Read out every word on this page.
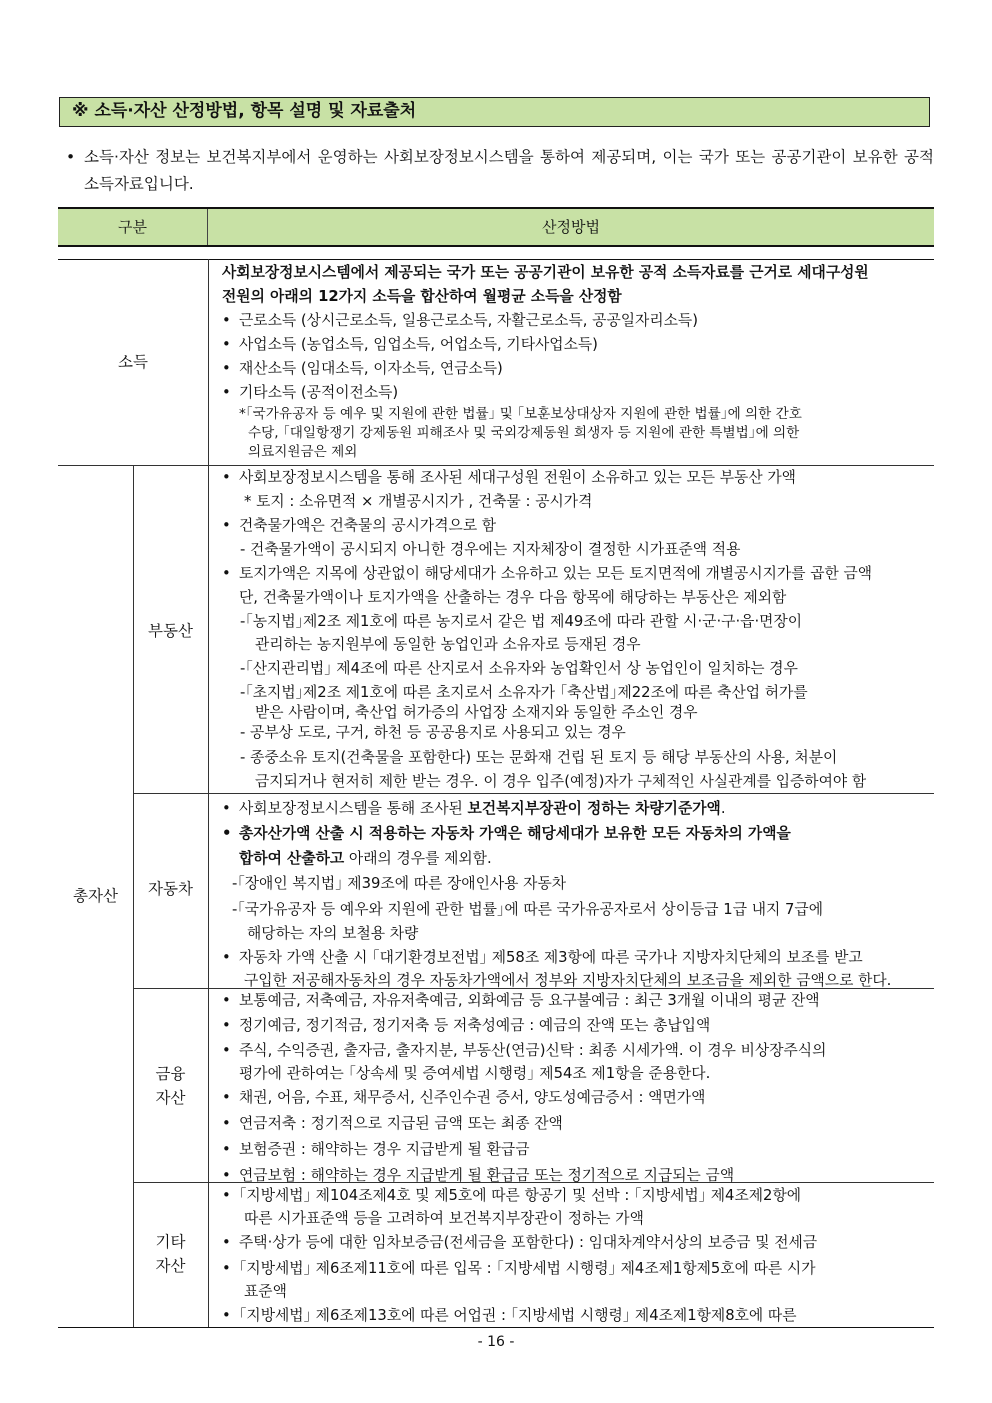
※ 소득·자산 산정방법, 항목 설명 및 자료출처
• 소득·자산 정보는 보건복지부에서 운영하는 사회보장정보시스템을 통하여 제공되며, 이는 국가 또는 공공기관이 보유한 공적 소득자료입니다.
구분	산정방법
소득
총자산
부동산
자동차
금융
자산
기타
자산
사회보장정보시스템에서 제공되는 국가 또는 공공기관이 보유한 공적 소득자료를 근거로 세대구성원
전원의 아래의 12가지 소득을 합산하여 월평균 소득을 산정함
• 근로소득 (상시근로소득, 일용근로소득, 자활근로소득, 공공일자리소득)
• 사업소득 (농업소득, 임업소득, 어업소득, 기타사업소득)
• 재산소득 (임대소득, 이자소득, 연금소득)
• 기타소득 (공적이전소득)
*｢국가유공자 등 예우 및 지원에 관한 법률｣ 및 ｢보훈보상대상자 지원에 관한 법률｣에 의한 간호
수당, ｢대일항쟁기 강제동원 피해조사 및 국외강제동원 희생자 등 지원에 관한 특별법｣에 의한
의료지원금은 제외
• 사회보장정보시스템을 통해 조사된 세대구성원 전원이 소유하고 있는 모든 부동산 가액
* 토지 : 소유면적 × 개별공시지가 , 건축물 : 공시가격
• 건축물가액은 건축물의 공시가격으로 함
- 건축물가액이 공시되지 아니한 경우에는 지자체장이 결정한 시가표준액 적용
• 토지가액은 지목에 상관없이 해당세대가 소유하고 있는 모든 토지면적에 개별공시지가를 곱한 금액
단, 건축물가액이나 토지가액을 산출하는 경우 다음 항목에 해당하는 부동산은 제외함
-｢농지법｣제2조 제1호에 따른 농지로서 같은 법 제49조에 따라 관할 시·군·구·읍·면장이
관리하는 농지원부에 동일한 농업인과 소유자로 등재된 경우
-｢산지관리법｣ 제4조에 따른 산지로서 소유자와 농업확인서 상 농업인이 일치하는 경우
-｢초지법｣제2조 제1호에 따른 초지로서 소유자가 ｢축산법｣제22조에 따른 축산업 허가를
받은 사람이며, 축산업 허가증의 사업장 소재지와 동일한 주소인 경우
- 공부상 도로, 구거, 하천 등 공공용지로 사용되고 있는 경우
- 종중소유 토지(건축물을 포함한다) 또는 문화재 건립 된 토지 등 해당 부동산의 사용, 처분이
금지되거나 현저히 제한 받는 경우. 이 경우 입주(예정)자가 구체적인 사실관계를 입증하여야 함
• 사회보장정보시스템을 통해 조사된 보건복지부장관이 정하는 차량기준가액.
• 총자산가액 산출 시 적용하는 자동차 가액은 해당세대가 보유한 모든 자동차의 가액을
합하여 산출하고 아래의 경우를 제외함.
-｢장애인 복지법｣ 제39조에 따른 장애인사용 자동차
-｢국가유공자 등 예우와 지원에 관한 법률｣에 따른 국가유공자로서 상이등급 1급 내지 7급에
해당하는 자의 보철용 차량
• 자동차 가액 산출 시 ｢대기환경보전법｣ 제58조 제3항에 따른 국가나 지방자치단체의 보조를 받고
구입한 저공해자동차의 경우 자동차가액에서 정부와 지방자치단체의 보조금을 제외한 금액으로 한다.
• 보통예금, 저축예금, 자유저축예금, 외화예금 등 요구불예금 : 최근 3개월 이내의 평균 잔액
• 정기예금, 정기적금, 정기저축 등 저축성예금 : 예금의 잔액 또는 총납입액
• 주식, 수익증권, 출자금, 출자지분, 부동산(연금)신탁 : 최종 시세가액. 이 경우 비상장주식의
평가에 관하여는 ｢상속세 및 증여세법 시행령｣ 제54조 제1항을 준용한다.
• 채권, 어음, 수표, 채무증서, 신주인수권 증서, 양도성예금증서 : 액면가액
• 연금저축 : 정기적으로 지급된 금액 또는 최종 잔액
• 보험증권 : 해약하는 경우 지급받게 될 환급금
• 연금보험 : 해약하는 경우 지급받게 될 환급금 또는 정기적으로 지급되는 금액
• ｢지방세법｣ 제104조제4호 및 제5호에 따른 항공기 및 선박 : ｢지방세법｣ 제4조제2항에
따른 시가표준액 등을 고려하여 보건복지부장관이 정하는 가액
• 주택·상가 등에 대한 임차보증금(전세금을 포함한다) : 임대차계약서상의 보증금 및 전세금
• ｢지방세법｣ 제6조제11호에 따른 입목 : ｢지방세법 시행령｣ 제4조제1항제5호에 따른 시가
표준액
• ｢지방세법｣ 제6조제13호에 따른 어업권 : ｢지방세법 시행령｣ 제4조제1항제8호에 따른
- 16 -
